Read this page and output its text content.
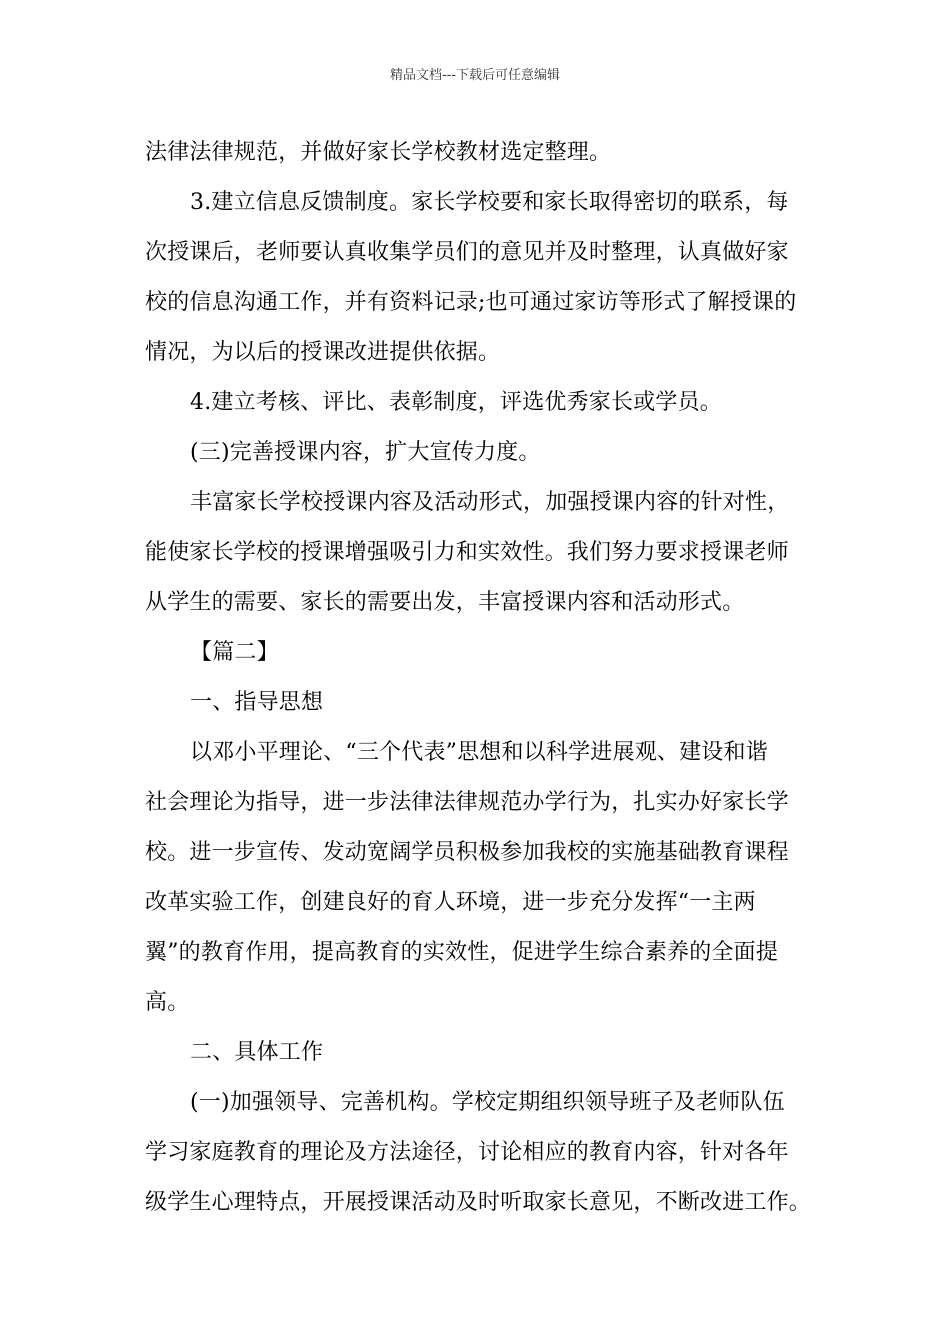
精品文档---下载后可任意编辑
法律法律规范，并做好家长学校教材选定整理。
3.建立信息反馈制度。家长学校要和家长取得密切的联系，每
次授课后，老师要认真收集学员们的意见并及时整理，认真做好家
校的信息沟通工作，并有资料记录;也可通过家访等形式了解授课的
情况，为以后的授课改进提供依据。
4.建立考核、评比、表彰制度，评选优秀家长或学员。
(三)完善授课内容，扩大宣传力度。
丰富家长学校授课内容及活动形式，加强授课内容的针对性，
能使家长学校的授课增强吸引力和实效性。我们努力要求授课老师
从学生的需要、家长的需要出发，丰富授课内容和活动形式。
【篇二】
一、指导思想
以邓小平理论、“三个代表”思想和以科学进展观、建设和谐
社会理论为指导，进一步法律法律规范办学行为，扎实办好家长学
校。进一步宣传、发动宽阔学员积极参加我校的实施基础教育课程
改革实验工作，创建良好的育人环境，进一步充分发挥“一主两
翼”的教育作用，提高教育的实效性，促进学生综合素养的全面提
高。
二、具体工作
(一)加强领导、完善机构。学校定期组织领导班子及老师队伍
学习家庭教育的理论及方法途径，讨论相应的教育内容，针对各年
级学生心理特点，开展授课活动及时听取家长意见，不断改进工作。
